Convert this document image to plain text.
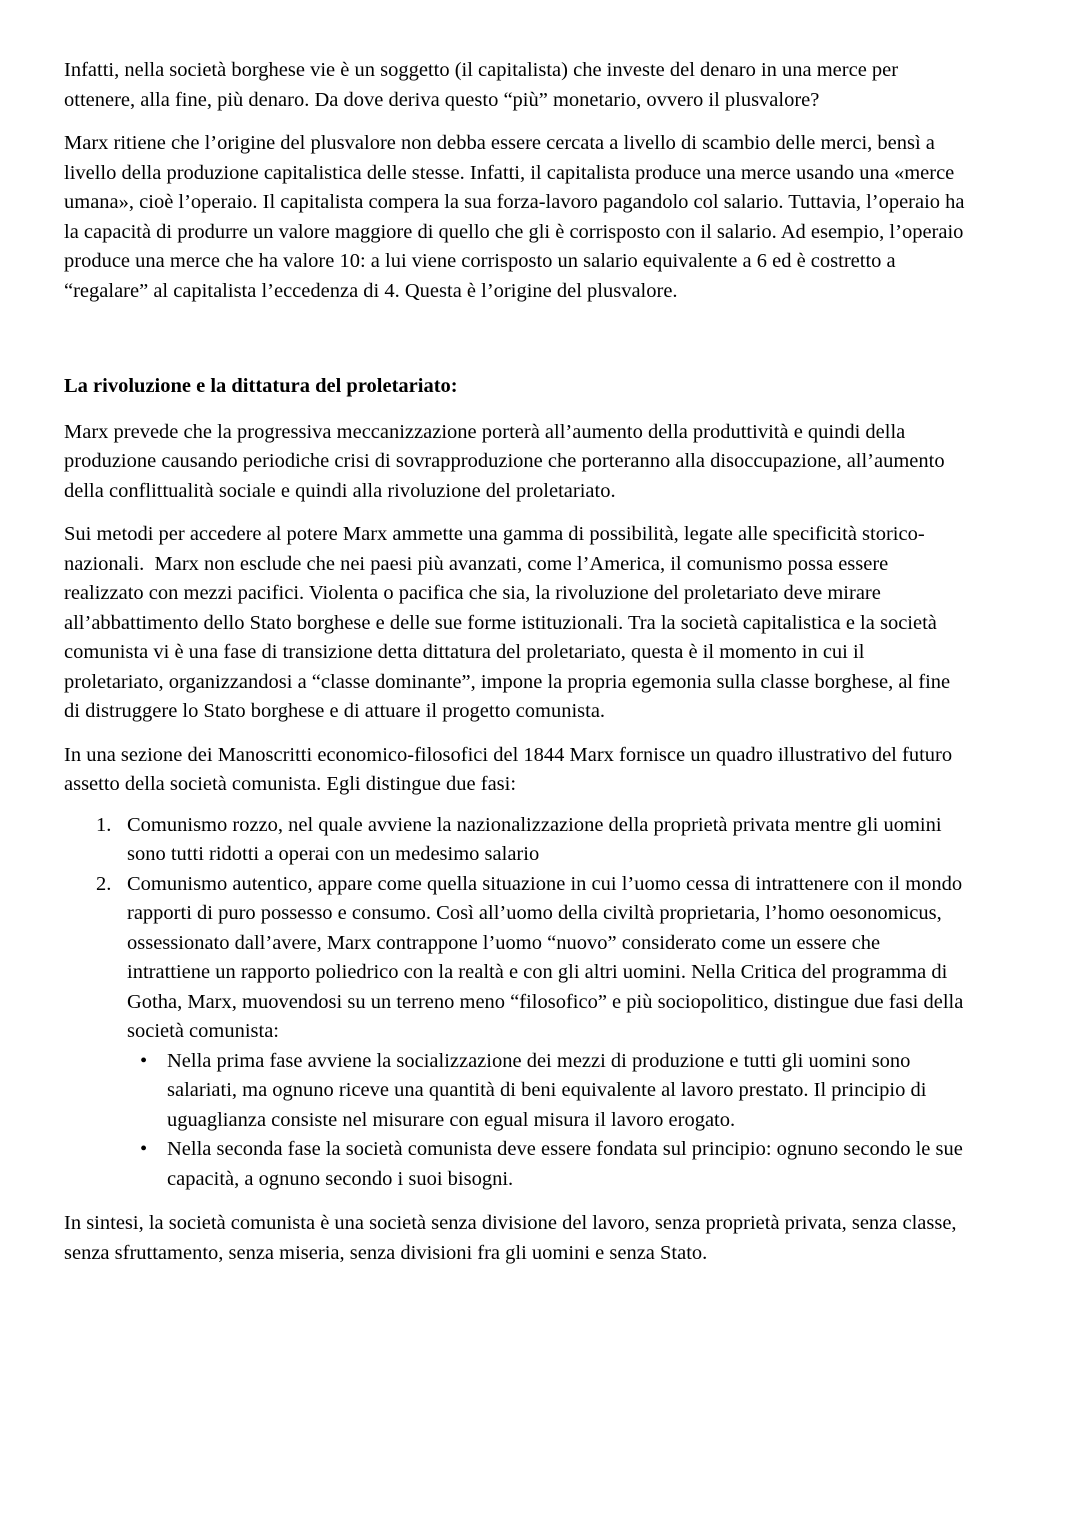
Infatti, nella società borghese vie è un soggetto (il capitalista) che investe del denaro in una merce per ottenere, alla fine, più denaro. Da dove deriva questo “più” monetario, ovvero il plusvalore?

Marx ritiene che l’origine del plusvalore non debba essere cercata a livello di scambio delle merci, bensì a livello della produzione capitalistica delle stesse. Infatti, il capitalista produce una merce usando una «merce umana», cioè l’operaio. Il capitalista compera la sua forza-lavoro pagandolo col salario. Tuttavia, l’operaio ha la capacità di produrre un valore maggiore di quello che gli è corrisposto con il salario. Ad esempio, l’operaio produce una merce che ha valore 10: a lui viene corrisposto un salario equivalente a 6 ed è costretto a “regalare” al capitalista l’eccedenza di 4. Questa è l’origine del plusvalore.

La rivoluzione e la dittatura del proletariato:

Marx prevede che la progressiva meccanizzazione porterà all’aumento della produttività e quindi della produzione causando periodiche crisi di sovrapproduzione che porteranno alla disoccupazione, all’aumento della conflittualità sociale e quindi alla rivoluzione del proletariato.

Sui metodi per accedere al potere Marx ammette una gamma di possibilità, legate alle specificità storico-nazionali.  Marx non esclude che nei paesi più avanzati, come l’America, il comunismo possa essere realizzato con mezzi pacifici. Violenta o pacifica che sia, la rivoluzione del proletariato deve mirare all’abbattimento dello Stato borghese e delle sue forme istituzionali. Tra la società capitalistica e la società comunista vi è una fase di transizione detta dittatura del proletariato, questa è il momento in cui il proletariato, organizzandosi a “classe dominante”, impone la propria egemonia sulla classe borghese, al fine di distruggere lo Stato borghese e di attuare il progetto comunista.

In una sezione dei Manoscritti economico-filosofici del 1844 Marx fornisce un quadro illustrativo del futuro assetto della società comunista. Egli distingue due fasi:

1. Comunismo rozzo, nel quale avviene la nazionalizzazione della proprietà privata mentre gli uomini sono tutti ridotti a operai con un medesimo salario
2. Comunismo autentico, appare come quella situazione in cui l’uomo cessa di intrattenere con il mondo rapporti di puro possesso e consumo. Così all’uomo della civiltà proprietaria, l’homo oesonomicus, ossessionato dall’avere, Marx contrappone l’uomo “nuovo” considerato come un essere che intrattiene un rapporto poliedrico con la realtà e con gli altri uomini. Nella Critica del programma di Gotha, Marx, muovendosi su un terreno meno “filosofico” e più sociopolitico, distingue due fasi della società comunista:
• Nella prima fase avviene la socializzazione dei mezzi di produzione e tutti gli uomini sono salariati, ma ognuno riceve una quantità di beni equivalente al lavoro prestato. Il principio di uguaglianza consiste nel misurare con egual misura il lavoro erogato.
• Nella seconda fase la società comunista deve essere fondata sul principio: ognuno secondo le sue capacità, a ognuno secondo i suoi bisogni.

In sintesi, la società comunista è una società senza divisione del lavoro, senza proprietà privata, senza classe, senza sfruttamento, senza miseria, senza divisioni fra gli uomini e senza Stato.
